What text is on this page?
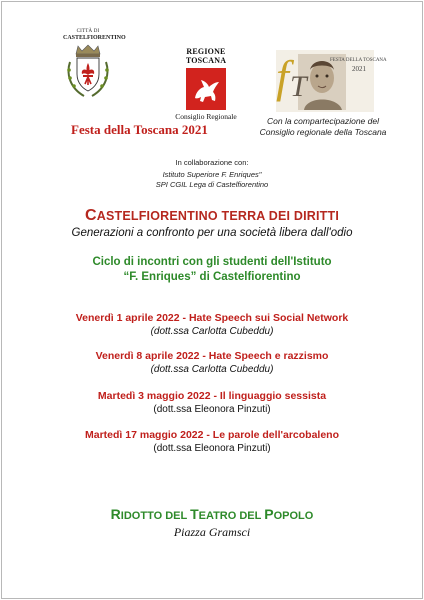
CITTÀ DI
CASTELFIORENTINO
REGIONE TOSCANA
Consiglio Regionale
f T
FESTA DELLA TOSCANA
2021
Festa della Toscana 2021
Con la compartecipazione del
Consiglio regionale della Toscana
In collaborazione con:
Istituto Superiore F. Enriques"
SPI CGIL Lega di Castelfiorentino
CASTELFIORENTINO TERRA DEI DIRITTI
Generazioni a confronto per una società libera dall'odio
Ciclo di incontri con gli studenti dell'Istituto
“F. Enriques” di Castelfiorentino
Venerdì 1 aprile 2022 - Hate Speech sui Social Network
(dott.ssa Carlotta Cubeddu)
Venerdì 8 aprile 2022 - Hate Speech e razzismo
(dott.ssa Carlotta Cubeddu)
Martedì 3 maggio 2022 - Il linguaggio sessista
(dott.ssa Eleonora Pinzuti)
Martedì 17 maggio 2022 - Le parole dell'arcobaleno
(dott.ssa Eleonora Pinzuti)
RIDOTTO DEL TEATRO DEL POPOLO
Piazza Gramsci
